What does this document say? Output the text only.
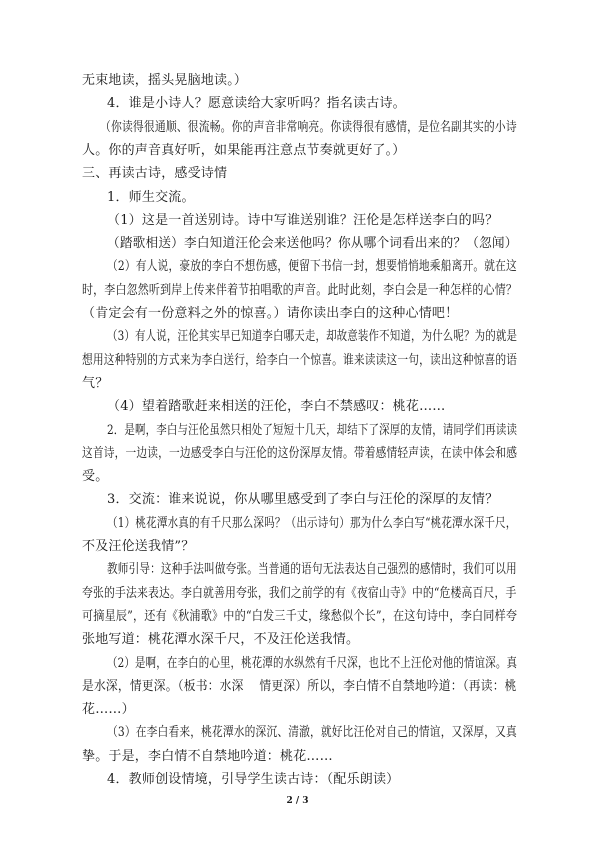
无束地读，摇头晃脑地读。）
4．谁是小诗人？愿意读给大家听吗？指名读古诗。
（你读得很通顺、很流畅。你的声音非常响亮。你读得很有感情，是位名副其实的小诗
人。你的声音真好听，如果能再注意点节奏就更好了。）
三、再读古诗，感受诗情
1．师生交流。
（1）这是一首送别诗。诗中写谁送别谁？汪伦是怎样送李白的吗？
（踏歌相送）李白知道汪伦会来送他吗？你从哪个词看出来的？（忽闻）
（2）有人说，豪放的李白不想伤感，便留下书信一封，想要悄悄地乘船离开。就在这
时，李白忽然听到岸上传来伴着节拍唱歌的声音。此时此刻，李白会是一种怎样的心情？
（肯定会有一份意料之外的惊喜。）请你读出李白的这种心情吧！
（3）有人说，汪伦其实早已知道李白哪天走，却故意装作不知道，为什么呢？为的就是
想用这种特别的方式来为李白送行，给李白一个惊喜。谁来读读这一句，读出这种惊喜的语
气？
（4）望着踏歌赶来相送的汪伦，李白不禁感叹：桃花……
2．是啊，李白与汪伦虽然只相处了短短十几天，却结下了深厚的友情，请同学们再读读
这首诗，一边读，一边感受李白与汪伦的这份深厚友情。带着感情轻声读，在读中体会和感
受。
3．交流：谁来说说，你从哪里感受到了李白与汪伦的深厚的友情？
（1）桃花潭水真的有千尺那么深吗？（出示诗句）那为什么李白写“桃花潭水深千尺，
不及汪伦送我情”？
教师引导：这种手法叫做夸张。当普通的语句无法表达自己强烈的感情时，我们可以用
夸张的手法来表达。李白就善用夸张，我们之前学的有《夜宿山寺》中的“危楼高百尺，手
可摘星辰”，还有《秋浦歌》中的“白发三千丈，缘愁似个长”，在这句诗中，李白同样夸
张地写道：桃花潭水深千尺，不及汪伦送我情。
（2）是啊，在李白的心里，桃花潭的水纵然有千尺深，也比不上汪伦对他的情谊深。真
是水深，情更深。（板书：水深　 情更深）所以，李白情不自禁地吟道：（再读：桃
花……）
（3）在李白看来，桃花潭水的深沉、清澈，就好比汪伦对自己的情谊，又深厚，又真
挚。于是，李白情不自禁地吟道：桃花……
4．教师创设情境，引导学生读古诗：（配乐朗读）
2 / 3
